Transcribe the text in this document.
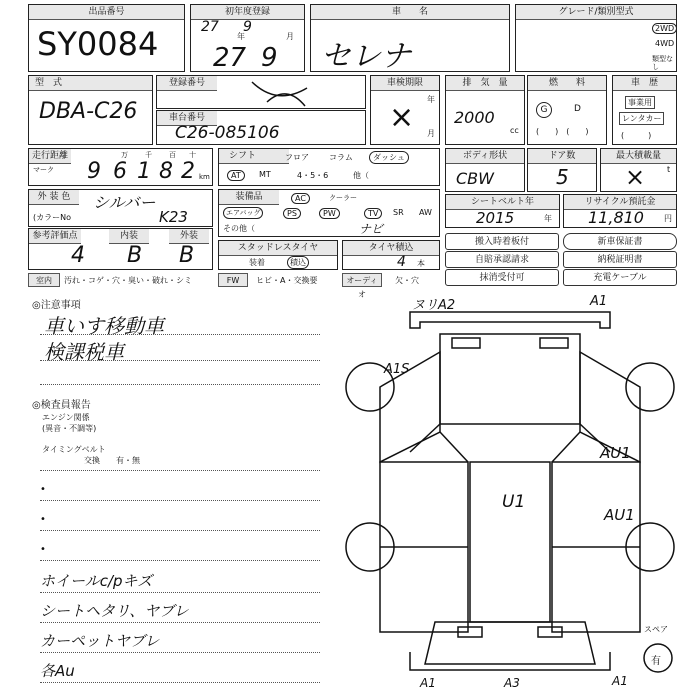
出品番号
SY0084
初年度登録
27 9
年	月
27 9
車　　名
セレナ
グレード/類別型式
2WD
4WD
類型なし
型　式
DBA-C26
登録番号
車台番号
C26-085106
車検期限
年
月
×
排　気　量
2000
cc
燃　　料
G	D
(　　)　(　　)
車　歴
事業用
レンタカー
(　　　)
走行距離
マーク 9 6 1 8 2
万 千 百 十
km
シフト	フロア	コラム	ダッシュ
AT	MT	4・5・6	他（
ボディ形状
CBW
ドア数
5
最大積載量
×	t
外 装 色	シルバー
(カラーNo	K23
装備品	AC	クーラー
AW
エアバッグ	PS	PW	TV	SR
その他（	ナビ
シートベルト年
2015	年
リサイクル預託金
11,810	円
参考評価点	内装	外装
4 B B	スタッドレスタイヤ
装着	積込
タイヤ積込
4 本
搬入時着板付
自賠承認請求
抹消受付可
新車保証書
納税証明書
充電ケーブル
室内	汚れ・コゲ・穴・臭い・破れ・シミ	FW	ヒビ・A・交換要	オーディオ
欠・穴
◎注意事項
車いす移動車
検課税車
◎検査員報告
エンジン関係
(異音・不調等)
タイミングベルト
交換 有・無
•
•
•
ホイールc/pキズ
シートヘタリ、ヤブレ
カーペットヤブレ
各Au
ヌリA2	A1
A1S
AU1
U1
AU1
A1	A3	A1
スペア
有
